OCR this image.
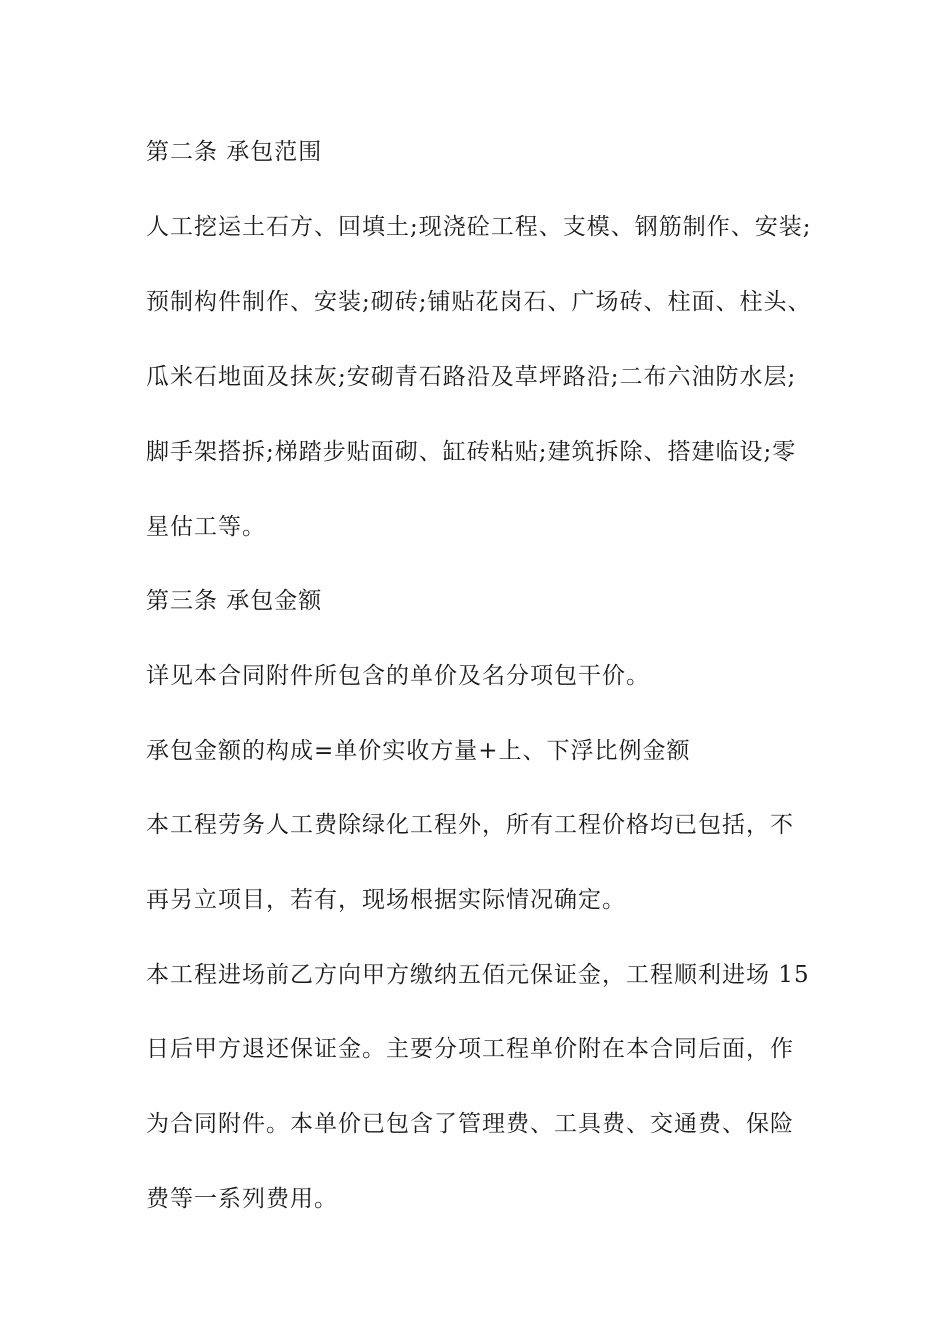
第二条 承包范围
人工挖运土石方、回填土;现浇砼工程、支模、钢筋制作、安装;
预制构件制作、安装;砌砖;铺贴花岗石、广场砖、柱面、柱头、
瓜米石地面及抹灰;安砌青石路沿及草坪路沿;二布六油防水层;
脚手架搭拆;梯踏步贴面砌、缸砖粘贴;建筑拆除、搭建临设;零
星估工等。
第三条 承包金额
详见本合同附件所包含的单价及名分项包干价。
承包金额的构成=单价实收方量+上、下浮比例金额
本工程劳务人工费除绿化工程外，所有工程价格均已包括，不
再另立项目，若有，现场根据实际情况确定。
本工程进场前乙方向甲方缴纳五佰元保证金，工程顺利进场 15
日后甲方退还保证金。主要分项工程单价附在本合同后面，作
为合同附件。本单价已包含了管理费、工具费、交通费、保险
费等一系列费用。
